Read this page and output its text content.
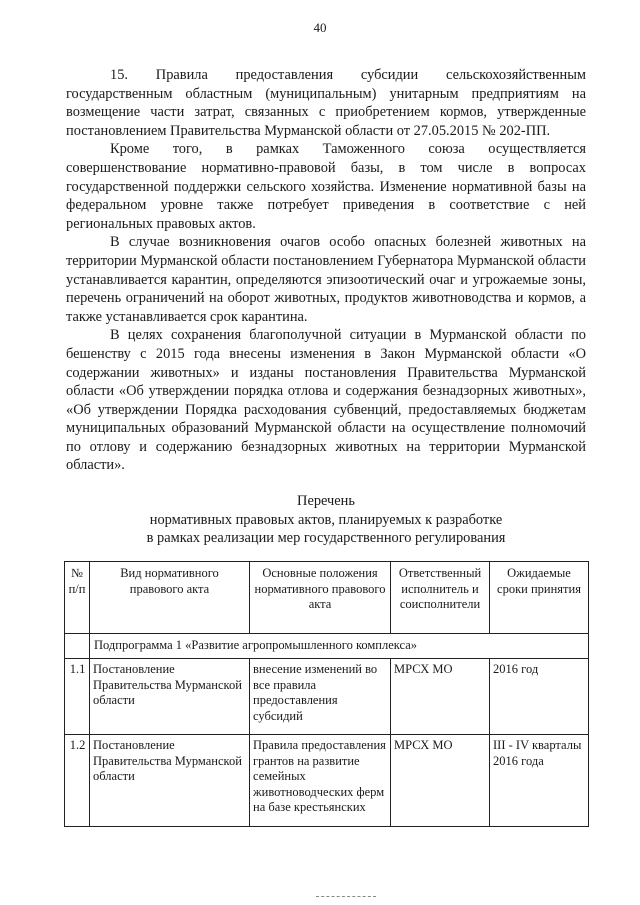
40

15. Правила предоставления субсидии сельскохозяйственным государственным областным (муниципальным) унитарным предприятиям на возмещение части затрат, связанных с приобретением кормов, утвержденные постановлением Правительства Мурманской области от 27.05.2015 № 202-ПП.

Кроме того, в рамках Таможенного союза осуществляется совершенствование нормативно-правовой базы, в том числе в вопросах государственной поддержки сельского хозяйства. Изменение нормативной базы на федеральном уровне также потребует приведения в соответствие с ней региональных правовых актов.

В случае возникновения очагов особо опасных болезней животных на территории Мурманской области постановлением Губернатора Мурманской области устанавливается карантин, определяются эпизоотический очаг и угрожаемые зоны, перечень ограничений на оборот животных, продуктов животноводства и кормов, а также устанавливается срок карантина.

В целях сохранения благополучной ситуации в Мурманской области по бешенству с 2015 года внесены изменения в Закон Мурманской области «О содержании животных» и изданы постановления Правительства Мурманской области «Об утверждении порядка отлова и содержания безнадзорных животных», «Об утверждении Порядка расходования субвенций, предоставляемых бюджетам муниципальных образований Мурманской области на осуществление полномочий по отлову и содержанию безнадзорных животных на территории Мурманской области».

Перечень
нормативных правовых актов, планируемых к разработке
в рамках реализации мер государственного регулирования
№ п/п	Вид нормативного правового акта	Основные положения нормативного правового акта	Ответственный исполнитель и соисполнители	Ожидаемые сроки принятия
	Подпрограмма 1 «Развитие агропромышленного комплекса»			
1.1	Постановление Правительства Мурманской области	внесение изменений во все правила предоставления субсидий	МРСХ МО	2016 год
1.2	Постановление Правительства Мурманской области	Правила предоставления грантов на развитие семейных животноводческих ферм на базе крестьянских	МРСХ МО	III - IV кварталы 2016 года
